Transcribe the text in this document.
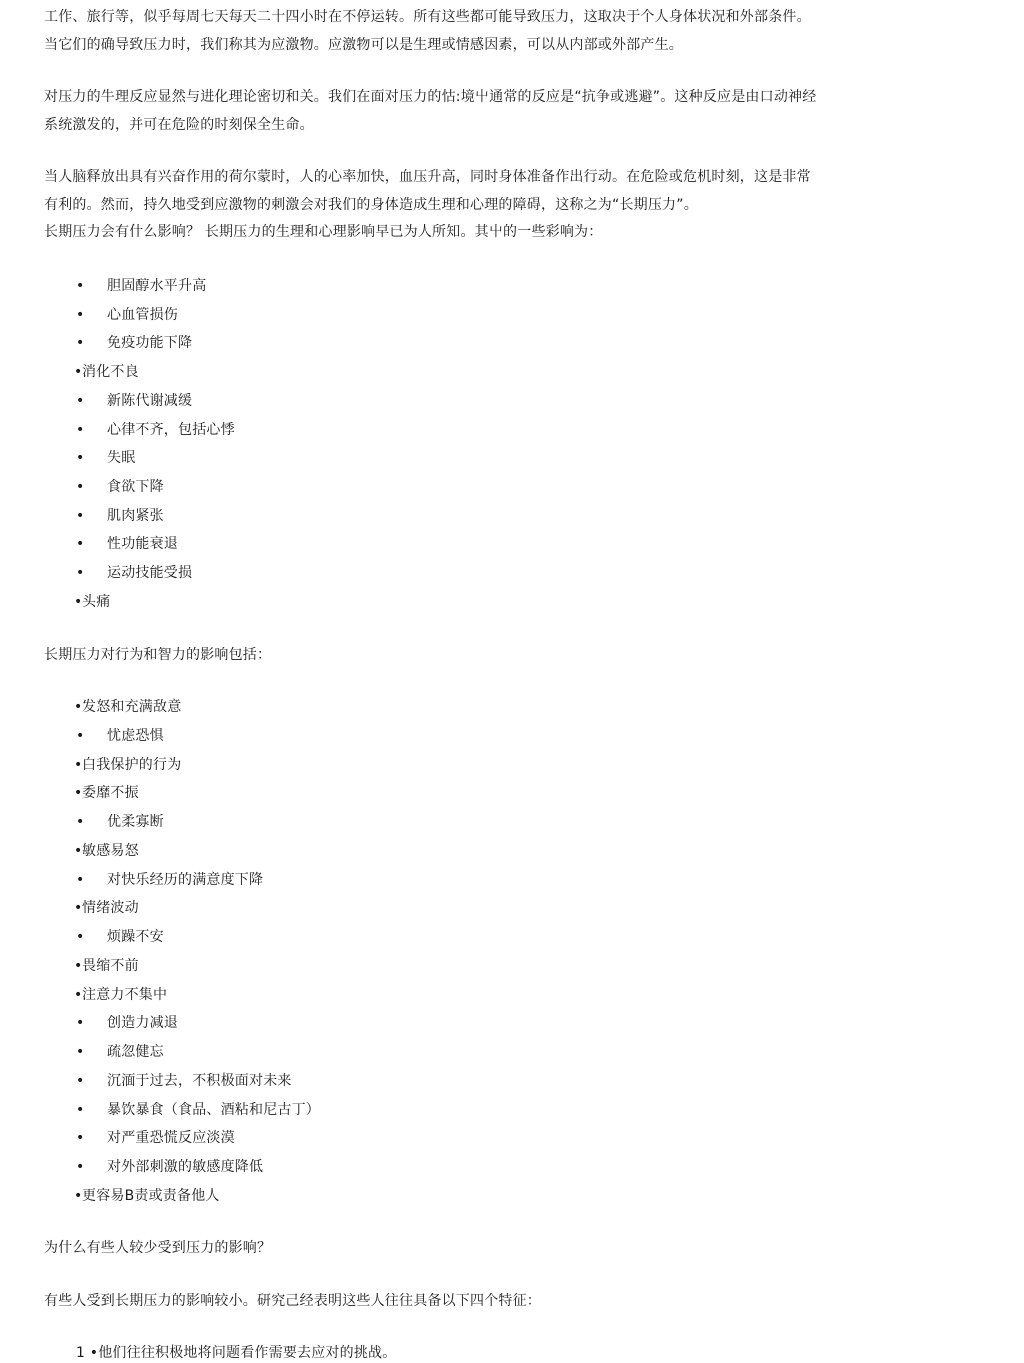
工作、旅行等，似乎每周七天每天二十四小时在不停运转。所有这些都可能导致压力，这取决于个人身体状况和外部条件。
当它们的确导致压力时，我们称其为应激物。应激物可以是生理或情感因素，可以从内部或外部产生。
对压力的牛理反应显然与进化理论密切和关。我们在面对压力的怙:境屮通常的反应是“抗争或逃避”。这种反应是由口动神经
系统激发的，并可在危险的时刻保全生命。
当人脑释放出具有兴奋作用的荷尔蒙时，人的心率加快，血压升高，同时身体准备作出行动。在危险或危机时刻，这是非常
有利的。然而，持久地受到应激物的刺激会对我们的身体造成生理和心理的障碍，这称之为“长期压力”。
长期压力会有什么影响？ 长期压力的生理和心理影响早已为人所知。其屮的一些彩响为：
• 胆固醇水平升高
• 心血管损伤
• 免疫功能下降
•消化不良
• 新陈代谢减缓
• 心律不齐，包括心悸
• 失眠
• 食欲下降
• 肌肉紧张
• 性功能衰退
• 运动技能受损
•头痛
长期压力对行为和智力的影响包括：
•发怒和充满敌意
• 忧虑恐惧
•白我保护的行为
•委靡不振
• 优柔寡断
•敏感易怒
• 对快乐经历的满意度下降
•情绪波动
• 烦躁不安
•畏缩不前
•注意力不集中
• 创造力减退
• 疏忽健忘
• 沉湎于过去，不积极面对未来
• 暴饮暴食（食品、酒粘和尼古丁）
• 对严重恐慌反应淡漠
• 对外部刺激的敏感度降低
•更容易B责或责备他人
为什么有些人较少受到压力的影响？
有些人受到长期压力的影响较小。研究己经表明这些人往往具备以下四个特征：
1 •他们往往积极地将问题看作需要去应对的挑战。
